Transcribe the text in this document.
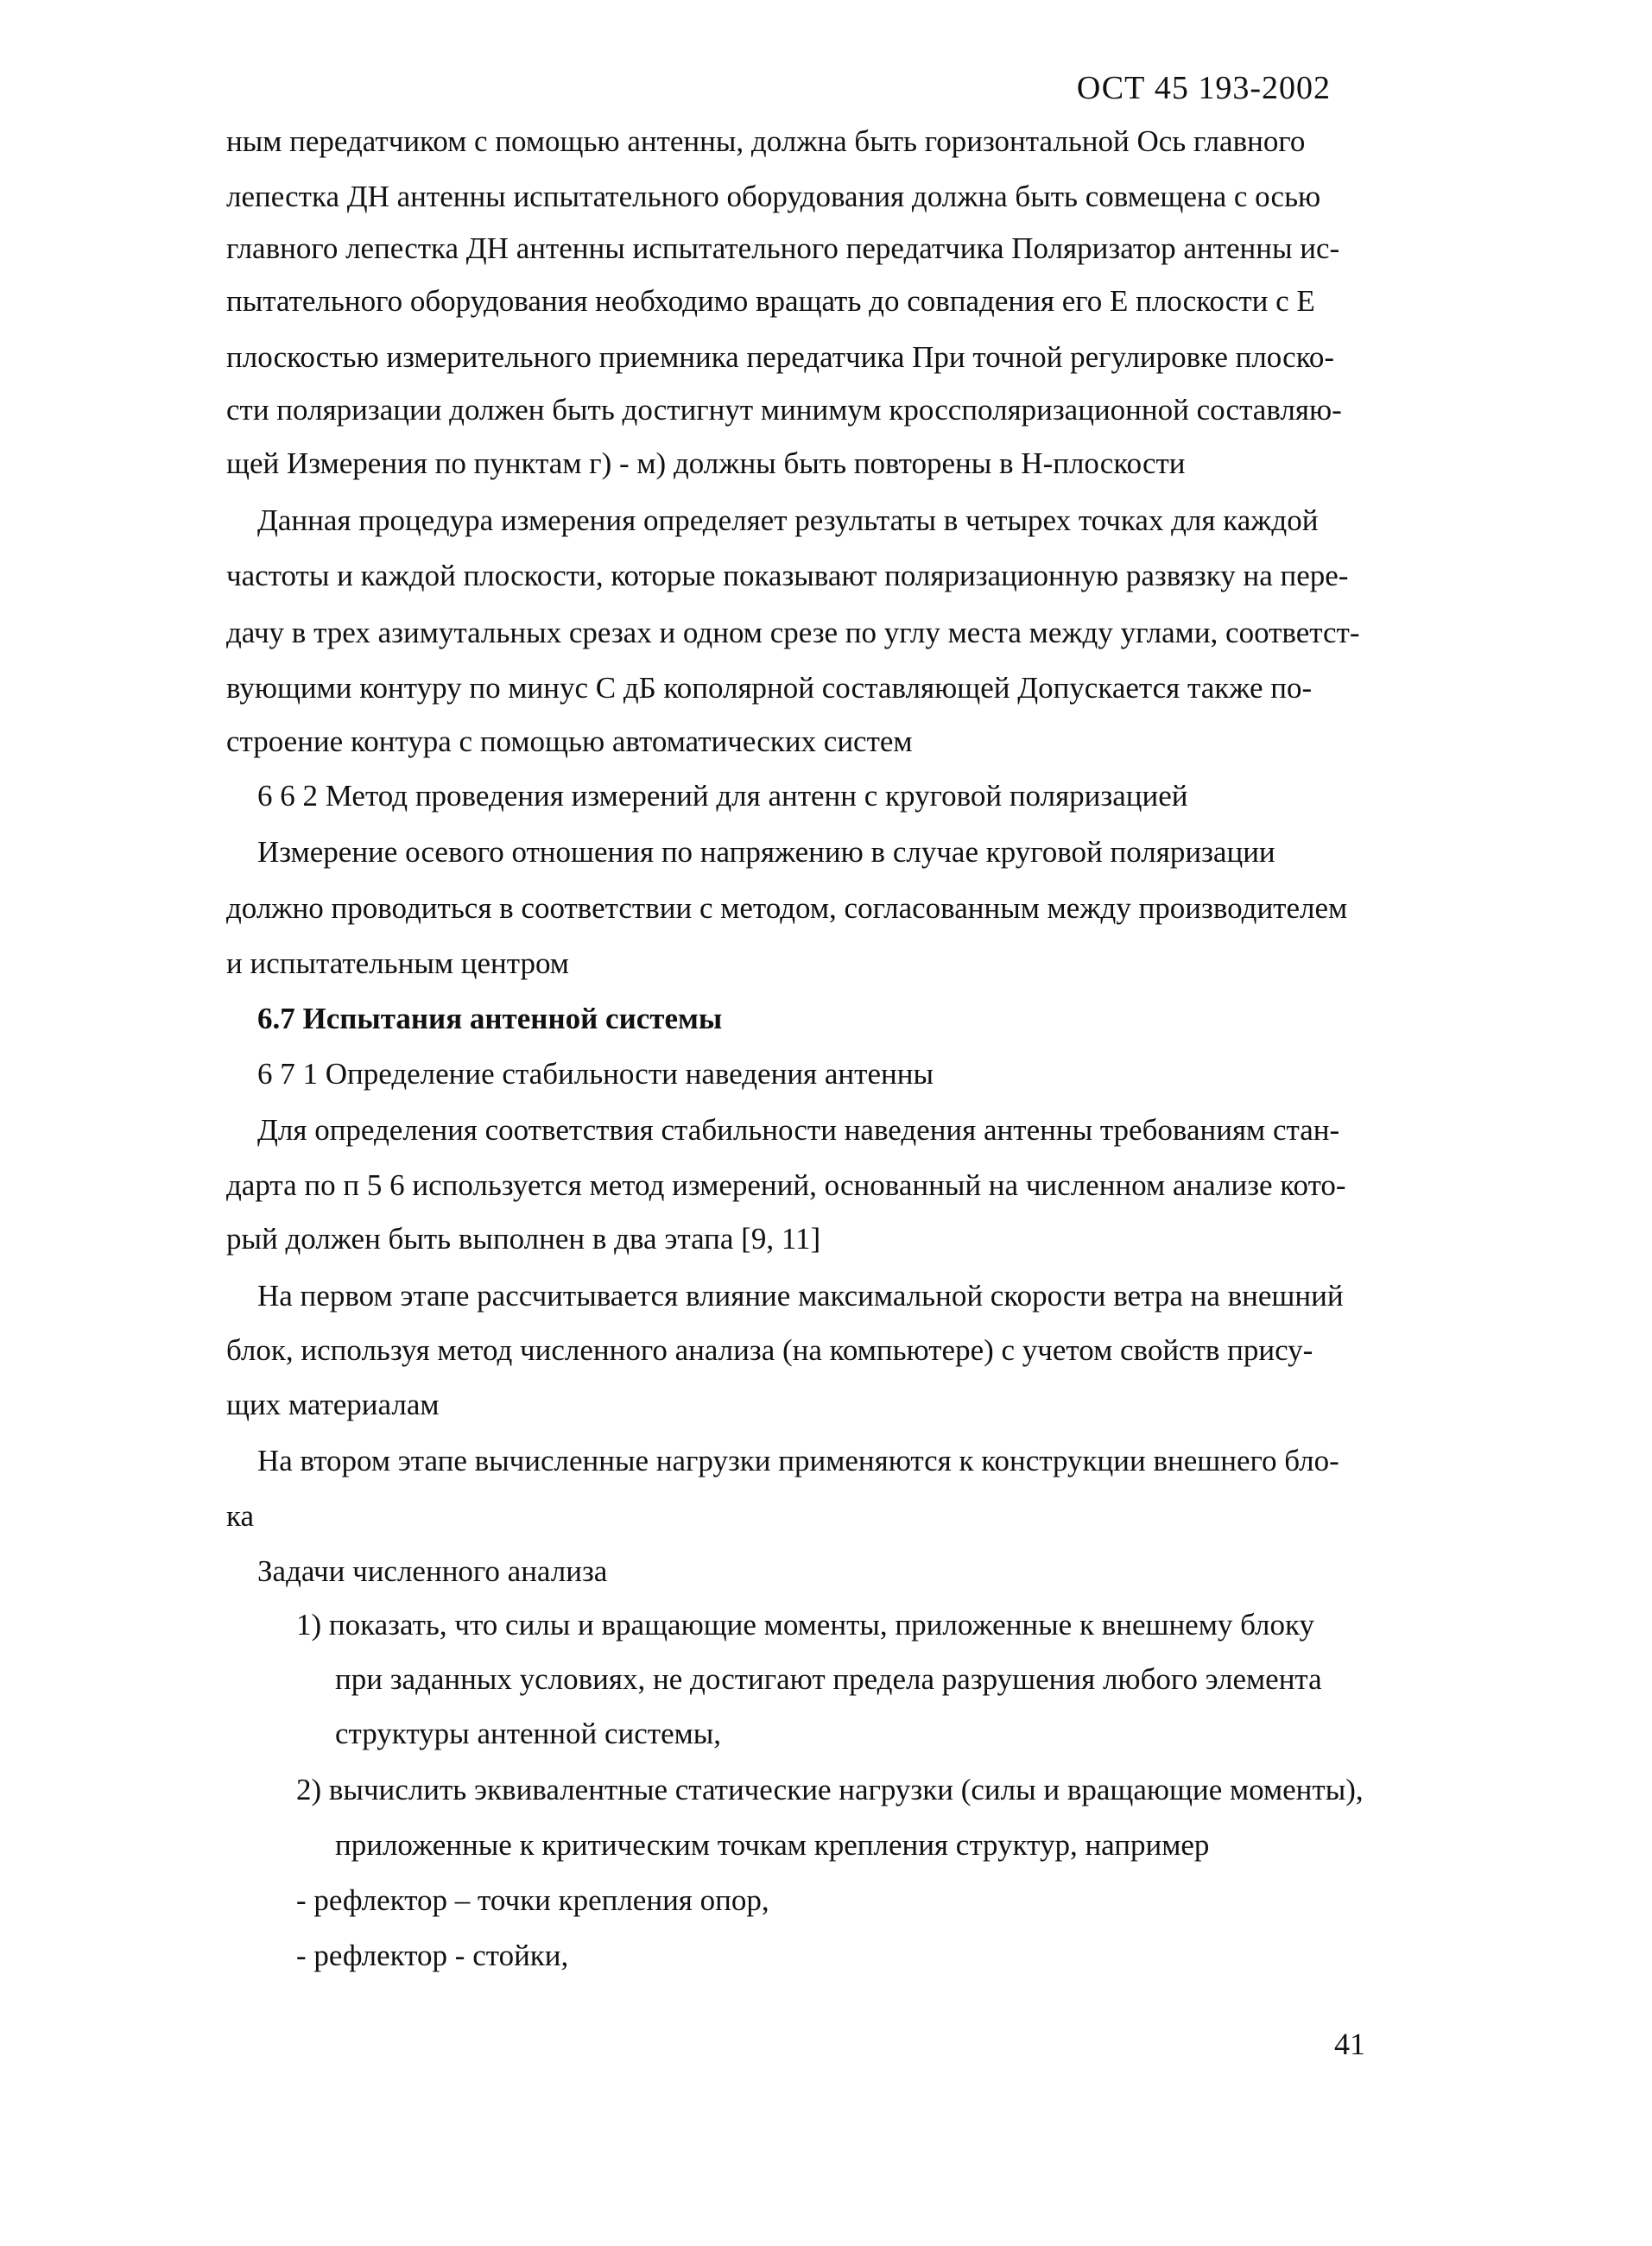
ОСТ 45 193-2002
ным передатчиком с помощью антенны, должна быть горизонтальной Ось главного
лепестка ДН антенны испытательного оборудования должна быть совмещена с осью
главного лепестка ДН антенны испытательного передатчика Поляризатор антенны ис-
пытательного оборудования необходимо вращать до совпадения его Е плоскости с Е
плоскостью измерительного приемника передатчика При точной регулировке плоско-
сти поляризации должен быть достигнут минимум кроссполяризационной составляю-
щей Измерения по пунктам г) - м) должны быть повторены в Н-плоскости
Данная процедура измерения определяет результаты в четырех точках для каждой
частоты и каждой плоскости, которые показывают поляризационную развязку на пере-
дачу в трех азимутальных срезах и одном срезе по углу места между углами, соответст-
вующими контуру по минус С дБ кополярной составляющей Допускается также по-
строение контура с помощью автоматических систем
6 6 2 Метод проведения измерений для антенн с круговой поляризацией
Измерение осевого отношения по напряжению в случае круговой поляризации
должно проводиться в соответствии с методом, согласованным между производителем
и испытательным центром
6.7 Испытания антенной системы
6 7 1 Определение стабильности наведения антенны
Для определения соответствия стабильности наведения антенны требованиям стан-
дарта по п 5 6 используется метод измерений, основанный на численном анализе кото-
рый должен быть выполнен в два этапа [9, 11]
На первом этапе рассчитывается влияние максимальной скорости ветра на внешний
блок, используя метод численного анализа (на компьютере) с учетом свойств прису-
щих материалам
На втором этапе вычисленные нагрузки применяются к конструкции внешнего бло-
ка
Задачи численного анализа
1) показать, что силы и вращающие моменты, приложенные к внешнему блоку
при заданных условиях, не достигают предела разрушения любого элемента
структуры антенной системы,
2) вычислить эквивалентные статические нагрузки (силы и вращающие моменты),
приложенные к критическим точкам крепления структур, например
- рефлектор – точки крепления опор,
- рефлектор - стойки,
41
